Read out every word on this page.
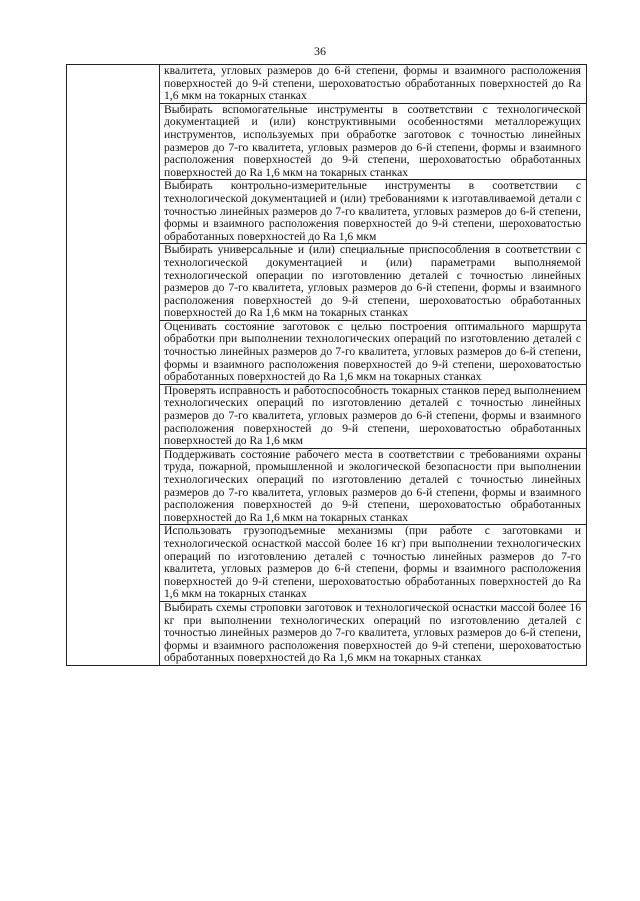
36

квалитета, угловых размеров до 6-й степени, формы и взаимного расположения поверхностей до 9-й степени, шероховатостью обработанных поверхностей до Ra 1,6 мкм на токарных станках

Выбирать вспомогательные инструменты в соответствии с технологической документацией и (или) конструктивными особенностями металлорежущих инструментов, используемых при обработке заготовок с точностью линейных размеров до 7-го квалитета, угловых размеров до 6-й степени, формы и взаимного расположения поверхностей до 9-й степени, шероховатостью обработанных поверхностей до Ra 1,6 мкм на токарных станках

Выбирать контрольно-измерительные инструменты в соответствии с технологической документацией и (или) требованиями к изготавливаемой детали с точностью линейных размеров до 7-го квалитета, угловых размеров до 6-й степени, формы и взаимного расположения поверхностей до 9-й степени, шероховатостью обработанных поверхностей до Ra 1,6 мкм

Выбирать универсальные и (или) специальные приспособления в соответствии с технологической документацией и (или) параметрами выполняемой технологической операции по изготовлению деталей с точностью линейных размеров до 7-го квалитета, угловых размеров до 6-й степени, формы и взаимного расположения поверхностей до 9-й степени, шероховатостью обработанных поверхностей до Ra 1,6 мкм на токарных станках

Оценивать состояние заготовок с целью построения оптимального маршрута обработки при выполнении технологических операций по изготовлению деталей с точностью линейных размеров до 7-го квалитета, угловых размеров до 6-й степени, формы и взаимного расположения поверхностей до 9-й степени, шероховатостью обработанных поверхностей до Ra 1,6 мкм на токарных станках

Проверять исправность и работоспособность токарных станков перед выполнением технологических операций по изготовлению деталей с точностью линейных размеров до 7-го квалитета, угловых размеров до 6-й степени, формы и взаимного расположения поверхностей до 9-й степени, шероховатостью обработанных поверхностей до Ra 1,6 мкм

Поддерживать состояние рабочего места в соответствии с требованиями охраны труда, пожарной, промышленной и экологической безопасности при выполнении технологических операций по изготовлению деталей с точностью линейных размеров до 7-го квалитета, угловых размеров до 6-й степени, формы и взаимного расположения поверхностей до 9-й степени, шероховатостью обработанных поверхностей до Ra 1,6 мкм на токарных станках

Использовать грузоподъемные механизмы (при работе с заготовками и технологической оснасткой массой более 16 кг) при выполнении технологических операций по изготовлению деталей с точностью линейных размеров до 7-го квалитета, угловых размеров до 6-й степени, формы и взаимного расположения поверхностей до 9-й степени, шероховатостью обработанных поверхностей до Ra 1,6 мкм на токарных станках

Выбирать схемы строповки заготовок и технологической оснастки массой более 16 кг при выполнении технологических операций по изготовлению деталей с точностью линейных размеров до 7-го квалитета, угловых размеров до 6-й степени, формы и взаимного расположения поверхностей до 9-й степени, шероховатостью обработанных поверхностей до Ra 1,6 мкм на токарных станках
